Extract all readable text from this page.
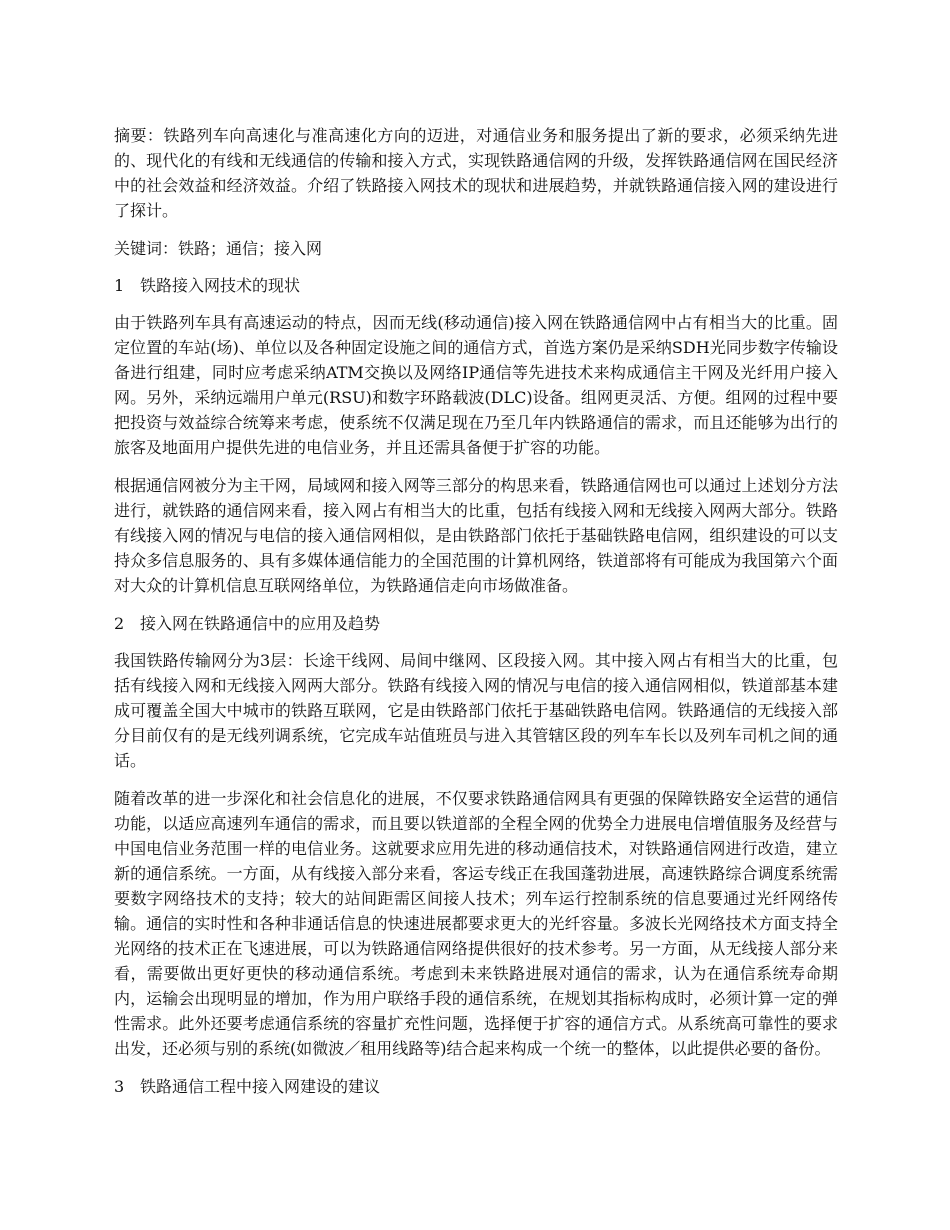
摘要：铁路列车向高速化与准高速化方向的迈进，对通信业务和服务提出了新的要求，必须采纳先进的、现代化的有线和无线通信的传输和接入方式，实现铁路通信网的升级，发挥铁路通信网在国民经济中的社会效益和经济效益。介绍了铁路接入网技术的现状和进展趋势，并就铁路通信接入网的建设进行了探计。

关键词：铁路；通信；接入网

1 铁路接入网技术的现状

由于铁路列车具有高速运动的特点，因而无线(移动通信)接入网在铁路通信网中占有相当大的比重。固定位置的车站(场)、单位以及各种固定设施之间的通信方式，首选方案仍是采纳SDH光同步数字传输设备进行组建，同时应考虑采纳ATM交换以及网络IP通信等先进技术来构成通信主干网及光纤用户接入网。另外，采纳远端用户单元(RSU)和数字环路载波(DLC)设备。组网更灵活、方便。组网的过程中要把投资与效益综合统筹来考虑，使系统不仅满足现在乃至几年内铁路通信的需求，而且还能够为出行的旅客及地面用户提供先进的电信业务，并且还需具备便于扩容的功能。

根据通信网被分为主干网，局域网和接入网等三部分的构思来看，铁路通信网也可以通过上述划分方法进行，就铁路的通信网来看，接入网占有相当大的比重，包括有线接入网和无线接入网两大部分。铁路有线接入网的情况与电信的接入通信网相似，是由铁路部门依托于基础铁路电信网，组织建设的可以支持众多信息服务的、具有多媒体通信能力的全国范围的计算机网络，铁道部将有可能成为我国第六个面对大众的计算机信息互联网络单位，为铁路通信走向市场做准备。

2 接入网在铁路通信中的应用及趋势

我国铁路传输网分为3层：长途干线网、局间中继网、区段接入网。其中接入网占有相当大的比重，包括有线接入网和无线接入网两大部分。铁路有线接入网的情况与电信的接入通信网相似，铁道部基本建成可覆盖全国大中城市的铁路互联网，它是由铁路部门依托于基础铁路电信网。铁路通信的无线接入部分目前仅有的是无线列调系统，它完成车站值班员与进入其管辖区段的列车车长以及列车司机之间的通话。

随着改革的进一步深化和社会信息化的进展，不仅要求铁路通信网具有更强的保障铁路安全运营的通信功能，以适应高速列车通信的需求，而且要以铁道部的全程全网的优势全力进展电信增值服务及经营与中国电信业务范围一样的电信业务。这就要求应用先进的移动通信技术，对铁路通信网进行改造，建立新的通信系统。一方面，从有线接入部分来看，客运专线正在我国蓬勃进展，高速铁路综合调度系统需要数字网络技术的支持；较大的站间距需区间接人技术；列车运行控制系统的信息要通过光纤网络传输。通信的实时性和各种非通话信息的快速进展都要求更大的光纤容量。多波长光网络技术方面支持全光网络的技术正在飞速进展，可以为铁路通信网络提供很好的技术参考。另一方面，从无线接人部分来看，需要做出更好更快的移动通信系统。考虑到未来铁路进展对通信的需求，认为在通信系统寿命期内，运输会出现明显的增加，作为用户联络手段的通信系统，在规划其指标构成时，必须计算一定的弹性需求。此外还要考虑通信系统的容量扩充性问题，选择便于扩容的通信方式。从系统高可靠性的要求出发，还必须与别的系统(如微波／租用线路等)结合起来构成一个统一的整体，以此提供必要的备份。

3 铁路通信工程中接入网建设的建议
